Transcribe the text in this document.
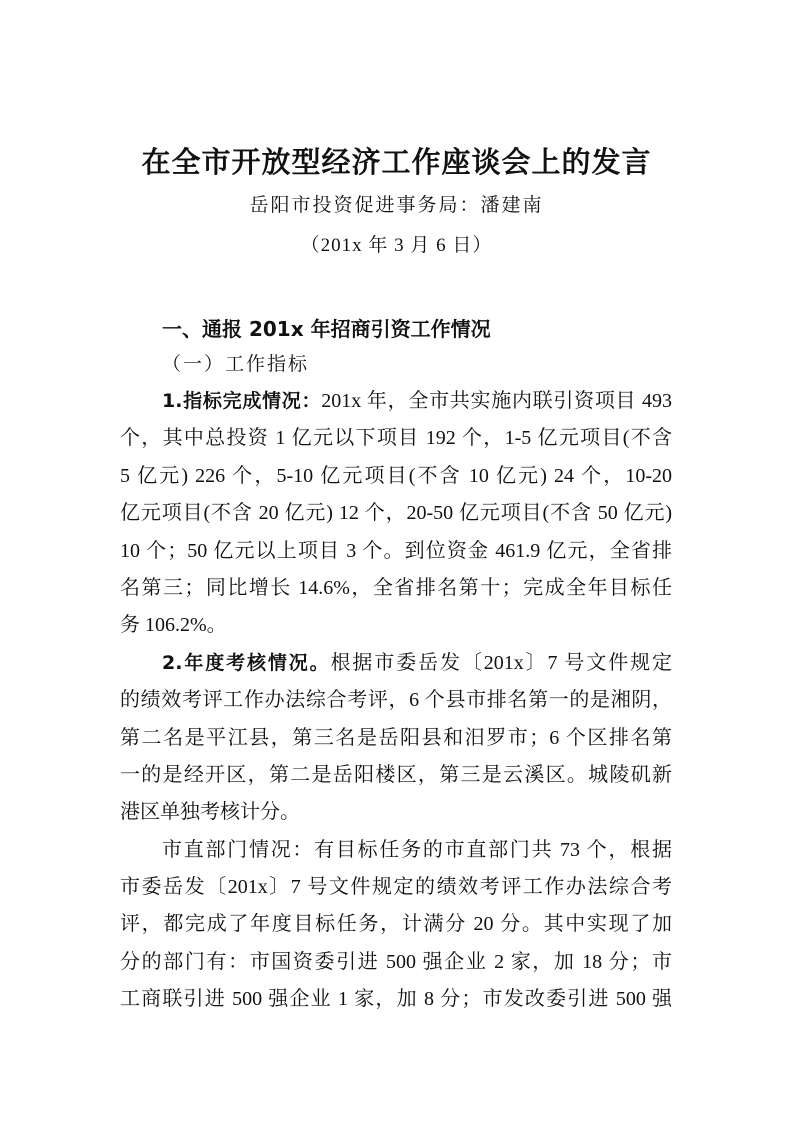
在全市开放型经济工作座谈会上的发言
岳阳市投资促进事务局：潘建南
（201x 年 3 月 6 日）
一、通报 201x 年招商引资工作情况
（一）工作指标
1.指标完成情况：201x 年，全市共实施内联引资项目 493
个，其中总投资 1 亿元以下项目 192 个，1-5 亿元项目(不含
5 亿元) 226 个，5-10 亿元项目(不含 10 亿元) 24 个，10-20
亿元项目(不含 20 亿元) 12 个，20-50 亿元项目(不含 50 亿元)
10 个；50 亿元以上项目 3 个。到位资金 461.9 亿元，全省排
名第三；同比增长 14.6%，全省排名第十；完成全年目标任
务 106.2%。
2.年度考核情况。根据市委岳发〔201x〕7 号文件规定
的绩效考评工作办法综合考评，6 个县市排名第一的是湘阴，
第二名是平江县，第三名是岳阳县和汨罗市；6 个区排名第
一的是经开区，第二是岳阳楼区，第三是云溪区。城陵矶新
港区单独考核计分。
市直部门情况：有目标任务的市直部门共 73 个，根据
市委岳发〔201x〕7 号文件规定的绩效考评工作办法综合考
评，都完成了年度目标任务，计满分 20 分。其中实现了加
分的部门有：市国资委引进 500 强企业 2 家，加 18 分；市
工商联引进 500 强企业 1 家，加 8 分；市发改委引进 500 强
